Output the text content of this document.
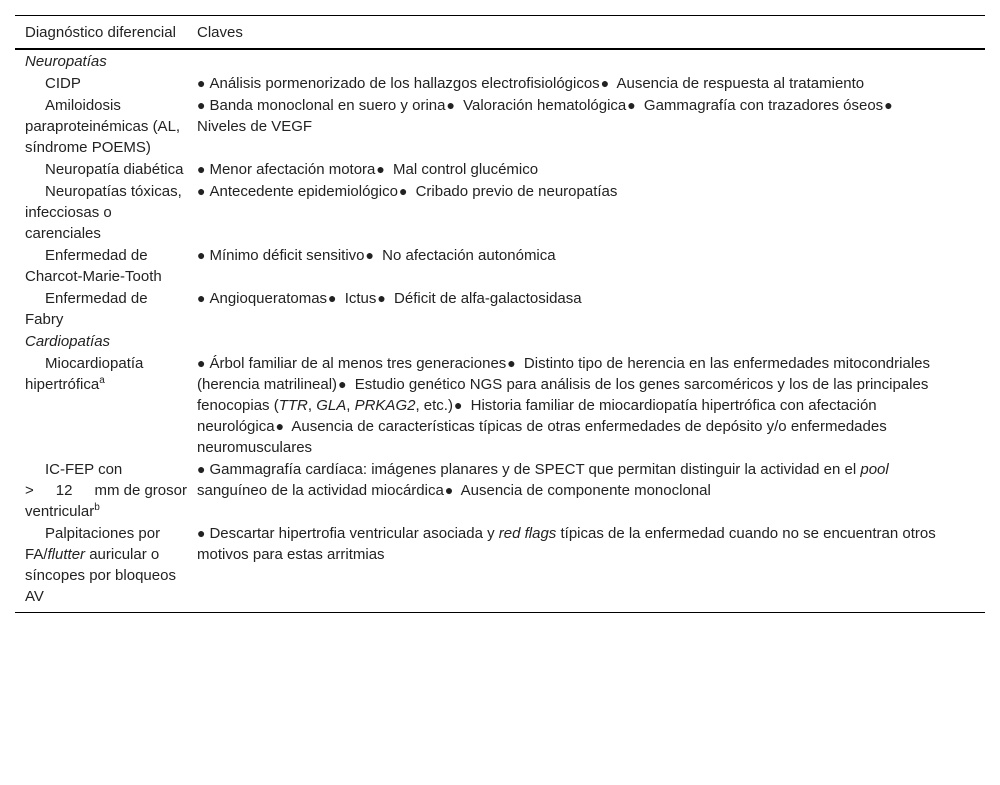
Diagnóstico diferencial	Claves
Neuropatías	
CIDP	● Análisis pormenorizado de los hallazgos electrofisiológicos● Ausencia de respuesta al tratamiento
Amiloidosis paraproteinémicas (AL, síndrome POEMS)	● Banda monoclonal en suero y orina● Valoración hematológica● Gammagrafía con trazadores óseos●
Niveles de VEGF
Neuropatía diabética	● Menor afectación motora● Mal control glucémico
Neuropatías tóxicas, infecciosas o carenciales	● Antecedente epidemiológico● Cribado previo de neuropatías
Enfermedad de Charcot-Marie-Tooth	● Mínimo déficit sensitivo● No afectación autonómica
Enfermedad de Fabry	● Angioqueratomas● Ictus● Déficit de alfa-galactosidasa
Cardiopatías	
Miocardiopatía hipertrófica$^a$	● Árbol familiar de al menos tres generaciones● Distinto tipo de herencia en las enfermedades mitocondriales (herencia matrilineal)● Estudio genético NGS para análisis de los genes sarcoméricos y los de las principales fenocopias (TTR, GLA, PRKAG2, etc.)● Historia familiar de miocardiopatía hipertrófica con afectación neurológica● Ausencia de características típicas de otras enfermedades de depósito y/o enfermedades neuromusculares
IC-FEP con
> 12 mm de grosor ventricular$^b$	● Gammagrafía cardíaca: imágenes planares y de SPECT que permitan distinguir la actividad en el pool sanguíneo de la actividad miocárdica● Ausencia de componente monoclonal
Palpitaciones por FA/flutter auricular o síncopes por bloqueos AV	● Descartar hipertrofia ventricular asociada y red flags típicas de la enfermedad cuando no se encuentran otros motivos para estas arritmias
